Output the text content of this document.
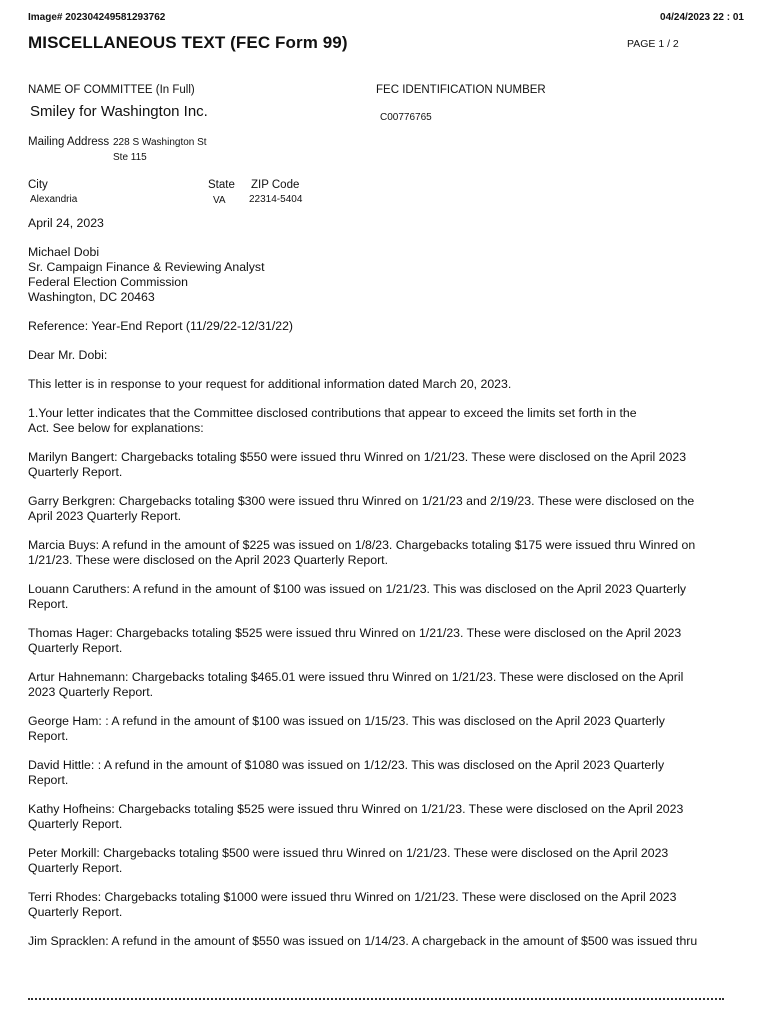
Image# 202304249581293762	04/24/2023 22 : 01
MISCELLANEOUS TEXT (FEC Form 99)	PAGE 1 / 2
NAME OF COMMITTEE (In Full)	FEC IDENTIFICATION NUMBER
Smiley for Washington Inc.	C00776765
Mailing Address 228 S Washington St
Ste 115
City	State ZIP Code
Alexandria	VA 22314-5404

April 24, 2023

Michael Dobi
Sr. Campaign Finance & Reviewing Analyst
Federal Election Commission
Washington, DC 20463

Reference: Year-End Report (11/29/22-12/31/22)

Dear Mr. Dobi:

This letter is in response to your request for additional information dated March 20, 2023.

1.Your letter indicates that the Committee disclosed contributions that appear to exceed the limits set forth in the
Act. See below for explanations:
Marilyn Bangert: Chargebacks totaling $550 were issued thru Winred on 1/21/23. These were disclosed on the April 2023
Quarterly Report.
Garry Berkgren: Chargebacks totaling $300 were issued thru Winred on 1/21/23 and 2/19/23. These were disclosed on the
April 2023 Quarterly Report.
Marcia Buys: A refund in the amount of $225 was issued on 1/8/23. Chargebacks totaling $175 were issued thru Winred on
1/21/23. These were disclosed on the April 2023 Quarterly Report.
Louann Caruthers: A refund in the amount of $100 was issued on 1/21/23. This was disclosed on the April 2023 Quarterly
Report.
Thomas Hager: Chargebacks totaling $525 were issued thru Winred on 1/21/23. These were disclosed on the April 2023
Quarterly Report.
Artur Hahnemann: Chargebacks totaling $465.01 were issued thru Winred on 1/21/23. These were disclosed on the April
2023 Quarterly Report.
George Ham: : A refund in the amount of $100 was issued on 1/15/23. This was disclosed on the April 2023 Quarterly
Report.
David Hittle: : A refund in the amount of $1080 was issued on 1/12/23. This was disclosed on the April 2023 Quarterly
Report.
Kathy Hofheins: Chargebacks totaling $525 were issued thru Winred on 1/21/23. These were disclosed on the April 2023
Quarterly Report.
Peter Morkill: Chargebacks totaling $500 were issued thru Winred on 1/21/23. These were disclosed on the April 2023
Quarterly Report.
Terri Rhodes: Chargebacks totaling $1000 were issued thru Winred on 1/21/23. These were disclosed on the April 2023
Quarterly Report.
Jim Spracklen: A refund in the amount of $550 was issued on 1/14/23. A chargeback in the amount of $500 was issued thru
